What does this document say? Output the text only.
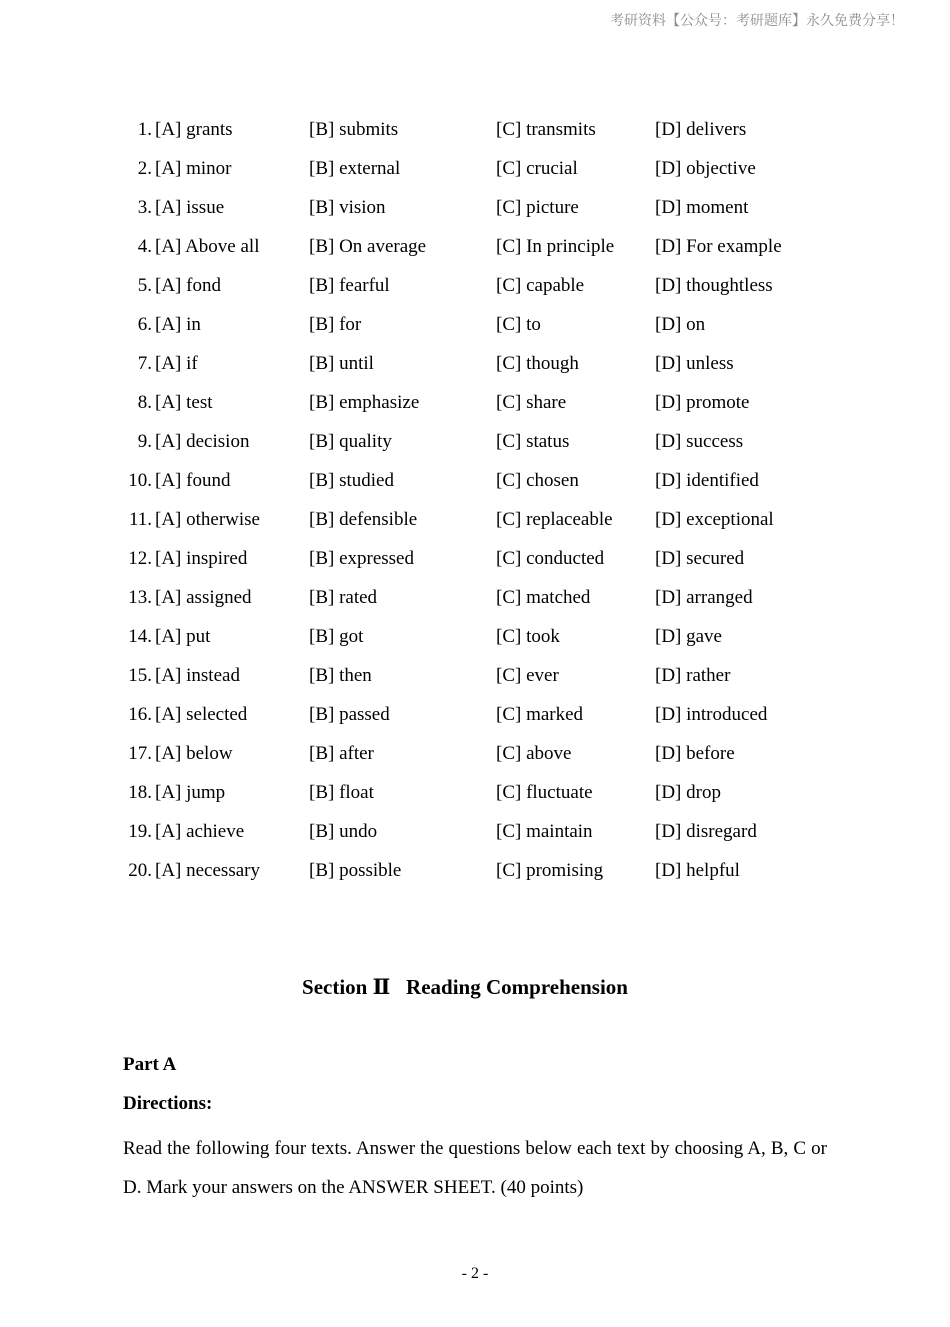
考研资料【公众号：考研题库】永久免费分享！
1. [A] grants	[B] submits	[C] transmits	[D] delivers
2. [A] minor	[B] external	[C] crucial	[D] objective
3. [A] issue	[B] vision	[C] picture	[D] moment
4. [A] Above all	[B] On average	[C] In principle [D] For example
5. [A] fond	[B] fearful	[C] capable	[D] thoughtless
6. [A] in	[B] for	[C] to	[D] on
7. [A] if	[B] until	[C] though	[D] unless
8. [A] test	[B] emphasize	[C] share	[D] promote
9. [A] decision	[B] quality	[C] status	[D] success
10. [A] found	[B] studied	[C] chosen	[D] identified
11. [A] otherwise	[B] defensible	[C] replaceable [D] exceptional
12. [A] inspired	[B] expressed	[C] conducted	[D] secured
13. [A] assigned	[B] rated	[C] matched	[D] arranged
14. [A] put	[B] got	[C] took	[D] gave
15. [A] instead	[B] then	[C] ever	[D] rather
16. [A] selected	[B] passed	[C] marked	[D] introduced
17. [A] below	[B] after	[C] above	[D] before
18. [A] jump	[B] float	[C] fluctuate	[D] drop
19. [A] achieve	[B] undo	[C] maintain	[D] disregard
20. [A] necessary	[B] possible	[C] promising	[D] helpful
Section Ⅱ   Reading Comprehension
Part A
Directions:

Read the following four texts. Answer the questions below each text by choosing A, B, C or D. Mark your answers on the ANSWER SHEET. (40 points)

- 2 -
